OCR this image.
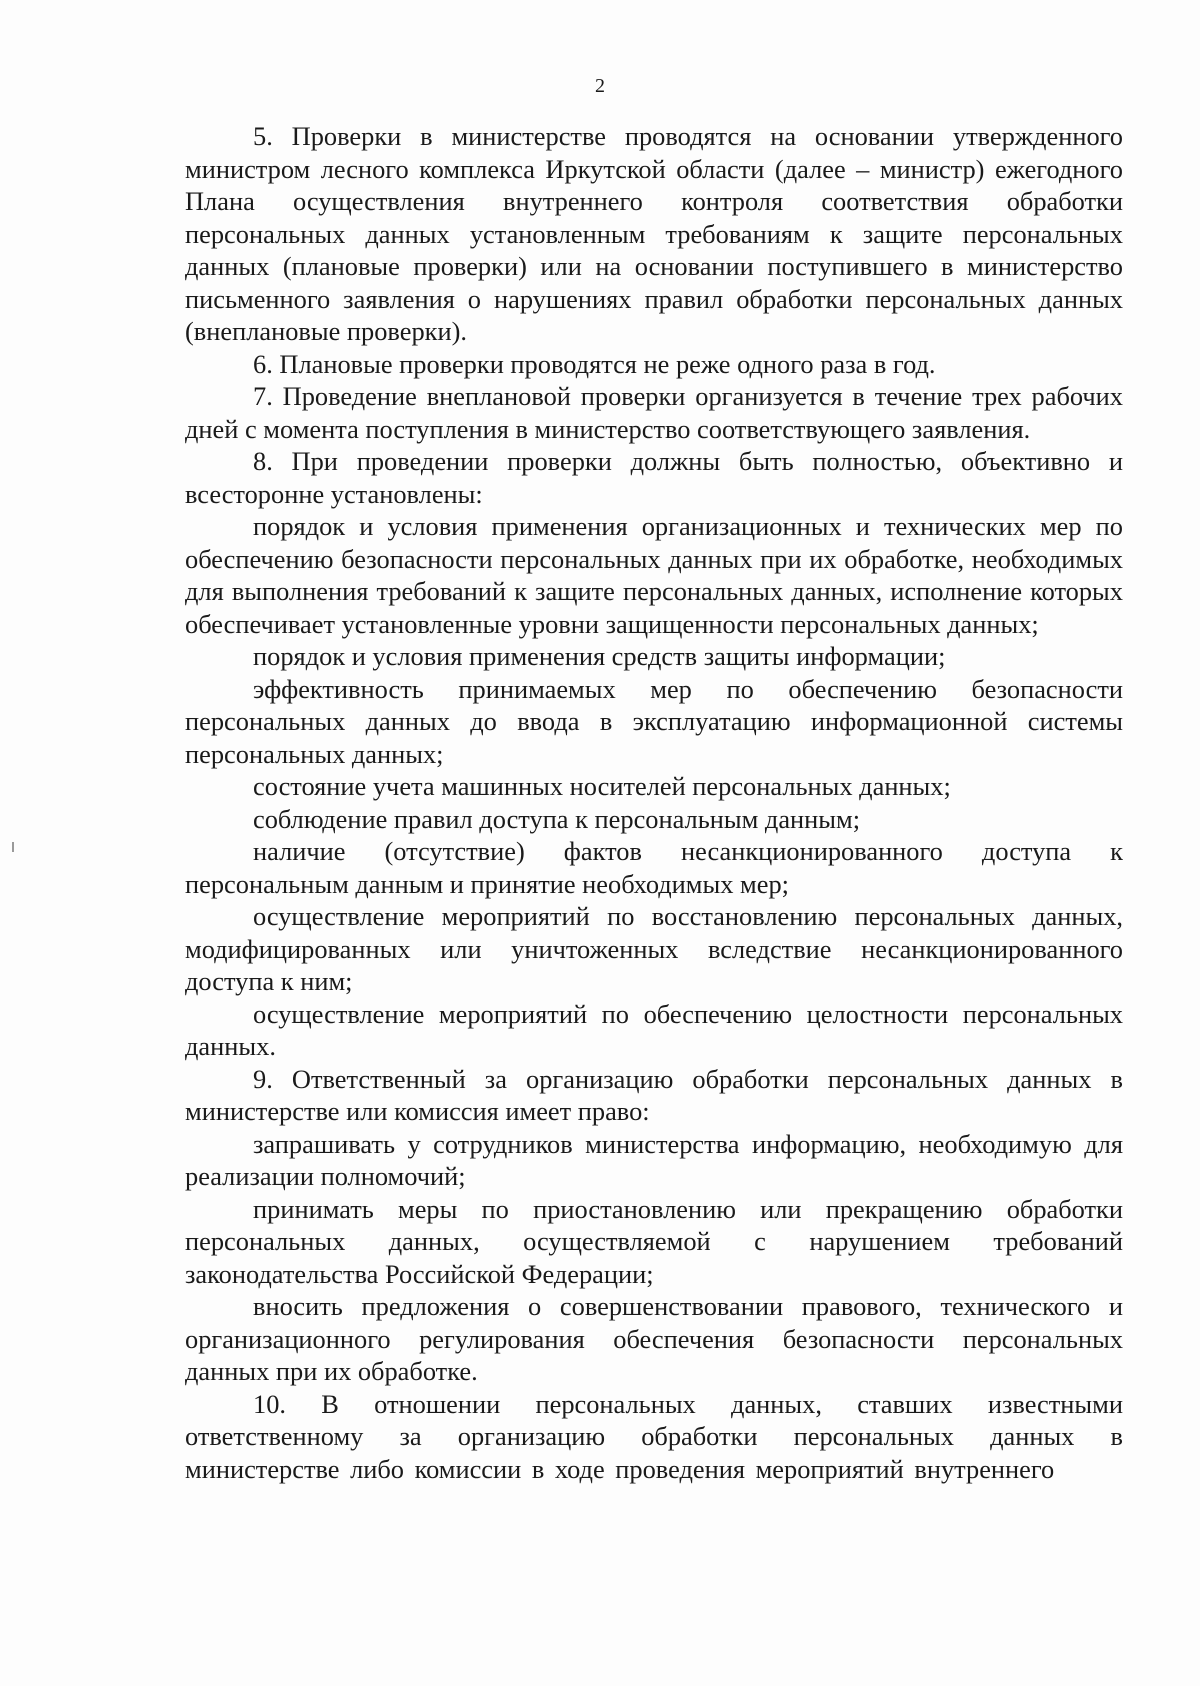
2

5. Проверки в министерстве проводятся на основании утвержденного министром лесного комплекса Иркутской области (далее – министр) ежегодного Плана осуществления внутреннего контроля соответствия обработки персональных данных установленным требованиям к защите персональных данных (плановые проверки) или на основании поступившего в министерство письменного заявления о нарушениях правил обработки персональных данных (внеплановые проверки).

6. Плановые проверки проводятся не реже одного раза в год.

7. Проведение внеплановой проверки организуется в течение трех рабочих дней с момента поступления в министерство соответствующего заявления.

8. При проведении проверки должны быть полностью, объективно и всесторонне установлены:

порядок и условия применения организационных и технических мер по обеспечению безопасности персональных данных при их обработке, необходимых для выполнения требований к защите персональных данных, исполнение которых обеспечивает установленные уровни защищенности персональных данных;

порядок и условия применения средств защиты информации;

эффективность принимаемых мер по обеспечению безопасности персональных данных до ввода в эксплуатацию информационной системы персональных данных;

состояние учета машинных носителей персональных данных;

соблюдение правил доступа к персональным данным;

наличие (отсутствие) фактов несанкционированного доступа к персональным данным и принятие необходимых мер;

осуществление мероприятий по восстановлению персональных данных, модифицированных или уничтоженных вследствие несанкционированного доступа к ним;

осуществление мероприятий по обеспечению целостности персональных данных.

9. Ответственный за организацию обработки персональных данных в министерстве или комиссия имеет право:

запрашивать у сотрудников министерства информацию, необходимую для реализации полномочий;

принимать меры по приостановлению или прекращению обработки персональных данных, осуществляемой с нарушением требований законодательства Российской Федерации;

вносить предложения о совершенствовании правового, технического и организационного регулирования обеспечения безопасности персональных данных при их обработке.

10. В отношении персональных данных, ставших известными ответственному за организацию обработки персональных данных в министерстве либо комиссии в ходе проведения мероприятий внутреннего
